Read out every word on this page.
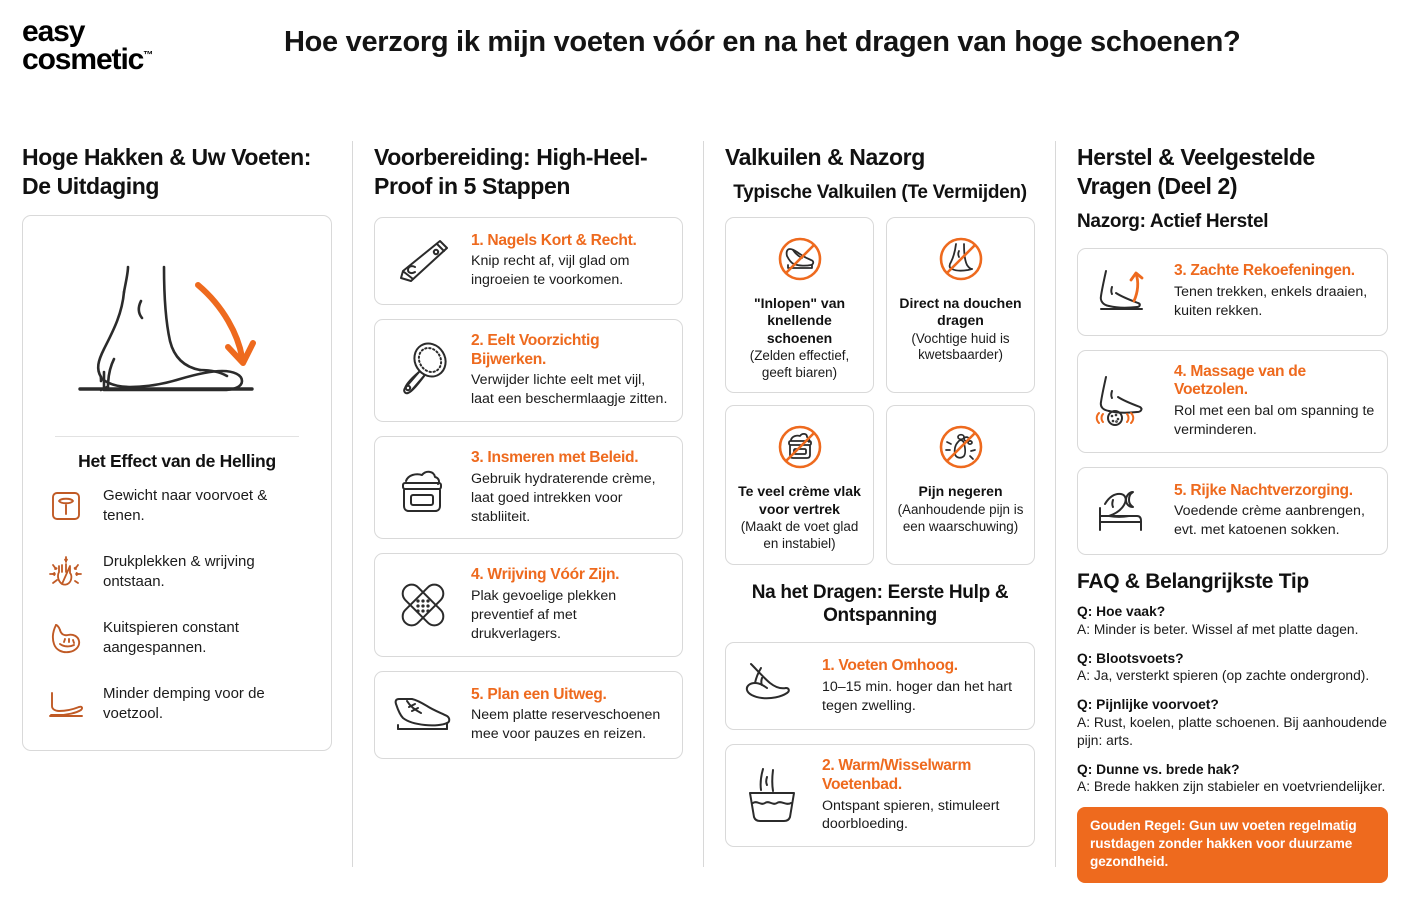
easy
cosmetic™	Hoe verzorg ik mijn voeten vóór en na het dragen van hoge schoenen?
Hoge Hakken & Uw Voeten: De Uitdaging
Het Effect van de Helling
Gewicht naar voorvoet & tenen.
Drukplekken & wrijving ontstaan.
Kuitspieren constant aangespannen.
Minder demping voor de voetzool.
Voorbereiding: High-Heel-Proof in 5 Stappen
1. Nagels Kort & Recht.
Knip recht af, vijl glad om ingroeien te voorkomen.
2. Eelt Voorzichtig Bijwerken.
Verwijder lichte eelt met vijl, laat een beschermlaagje zitten.
3. Insmeren met Beleid.
Gebruik hydraterende crème, laat goed intrekken voor stabliiteit.
4. Wrijving Vóór Zijn.
Plak gevoelige plekken preventief af met drukverlagers.
5. Plan een Uitweg.
Neem platte reserveschoenen mee voor pauzes en reizen.
Valkuilen & Nazorg
Typische Valkuilen (Te Vermijden)
"Inlopen" van knellende schoenen
(Zelden effectief, geeft biaren)
Direct na douchen dragen
(Vochtige huid is kwetsbaarder)
Te veel crème vlak voor vertrek
(Maakt de voet glad en instabiel)
Pijn negeren
(Aanhoudende pijn is een waarschuwing)
Na het Dragen: Eerste Hulp & Ontspanning
1. Voeten Omhoog.
10–15 min. hoger dan het hart tegen zwelling.
2. Warm/Wisselwarm Voetenbad.
Ontspant spieren, stimuleert doorbloeding.
Herstel & Veelgestelde Vragen (Deel 2)
Nazorg: Actief Herstel
3. Zachte Rekoefeningen.
Tenen trekken, enkels draaien, kuiten rekken.
4. Massage van de Voetzolen.
Rol met een bal om spanning te verminderen.
5. Rijke Nachtverzorging.
Voedende crème aanbrengen, evt. met katoenen sokken.
FAQ & Belangrijkste Tip
Q: Hoe vaak?
A: Minder is beter. Wissel af met platte dagen.
Q: Blootsvoets?
A: Ja, versterkt spieren (op zachte ondergrond).
Q: Pijnlijke voorvoet?
A: Rust, koelen, platte schoenen. Bij aanhoudende pijn: arts.
Q: Dunne vs. brede hak?
A: Brede hakken zijn stabieler en voetvriendelijker.
Gouden Regel: Gun uw voeten regelmatig rustdagen zonder hakken voor duurzame gezondheid.
